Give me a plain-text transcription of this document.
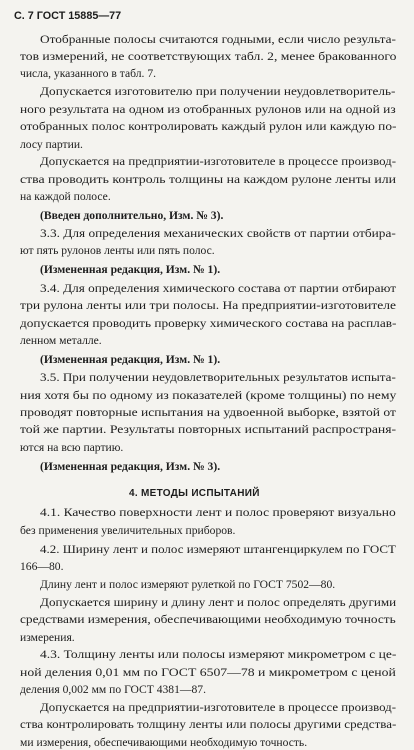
С. 7 ГОСТ 15885—77
Отобранные полосы считаются годными, если число результа-
тов измерений, не соответствующих табл. 2, менее бракованного
числа, указанного в табл. 7.
Допускается изготовителю при получении неудовлетворитель-
ного результата на одном из отобранных рулонов или на одной из
отобранных полос контролировать каждый рулон или каждую по-
лосу партии.
Допускается на предприятии-изготовителе в процессе производ-
ства проводить контроль толщины на каждом рулоне ленты или
на каждой полосе.
(Введен дополнительно, Изм. № 3).
3.3. Для определения механических свойств от партии отбира-
ют пять рулонов ленты или пять полос.
(Измененная редакция, Изм. № 1).
3.4. Для определения химического состава от партии отбирают
три рулона ленты или три полосы. На предприятии-изготовителе
допускается проводить проверку химического состава на расплав-
ленном металле.
(Измененная редакция, Изм. № 1).
3.5. При получении неудовлетворительных результатов испыта-
ния хотя бы по одному из показателей (кроме толщины) по нему
проводят повторные испытания на удвоенной выборке, взятой от
той же партии. Результаты повторных испытаний распространя-
ются на всю партию.
(Измененная редакция, Изм. № 3).
4. МЕТОДЫ ИСПЫТАНИЙ
4.1. Качество поверхности лент и полос проверяют визуально
без применения увеличительных приборов.
4.2. Ширину лент и полос измеряют штангенциркулем по ГОСТ
166—80.
Длину лент и полос измеряют рулеткой по ГОСТ 7502—80.
Допускается ширину и длину лент и полос определять другими
средствами измерения, обеспечивающими необходимую точность
измерения.
4.3. Толщину ленты или полосы измеряют микрометром с це-
ной деления 0,01 мм по ГОСТ 6507—78 и микрометром с ценой
деления 0,002 мм по ГОСТ 4381—87.
Допускается на предприятии-изготовителе в процессе производ-
ства контролировать толщину ленты или полосы другими средства-
ми измерения, обеспечивающими необходимую точность.
